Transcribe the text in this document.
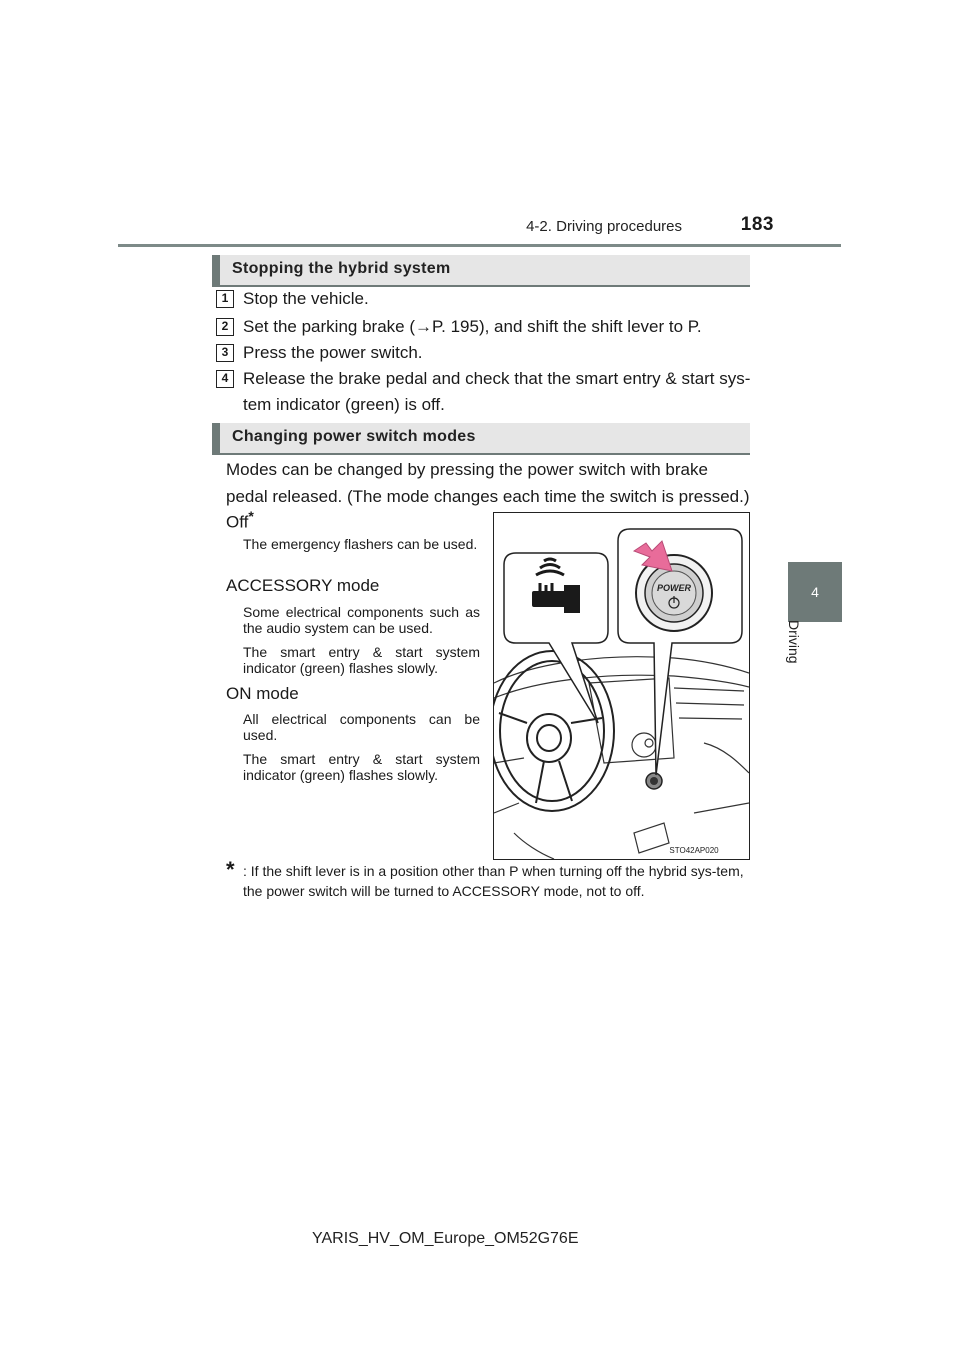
4-2. Driving procedures	183
4
Driving
Stopping the hybrid system
1 Stop the vehicle.
2 Set the parking brake (→P. 195), and shift the shift lever to P.
3 Press the power switch.
4 Release the brake pedal and check that the smart entry & start sys-tem indicator (green) is off.
Changing power switch modes
Modes can be changed by pressing the power switch with brake pedal released. (The mode changes each time the switch is pressed.)
Off*
The emergency flashers can be used.
ACCESSORY mode
Some electrical components such as the audio system can be used.
The smart entry & start system indicator (green) flashes slowly.
ON mode
All electrical components can be used.
The smart entry & start system indicator (green) flashes slowly.
POWER
STO42AP020
* : If the shift lever is in a position other than P when turning off the hybrid sys-tem, the power switch will be turned to ACCESSORY mode, not to off.
YARIS_HV_OM_Europe_OM52G76E
